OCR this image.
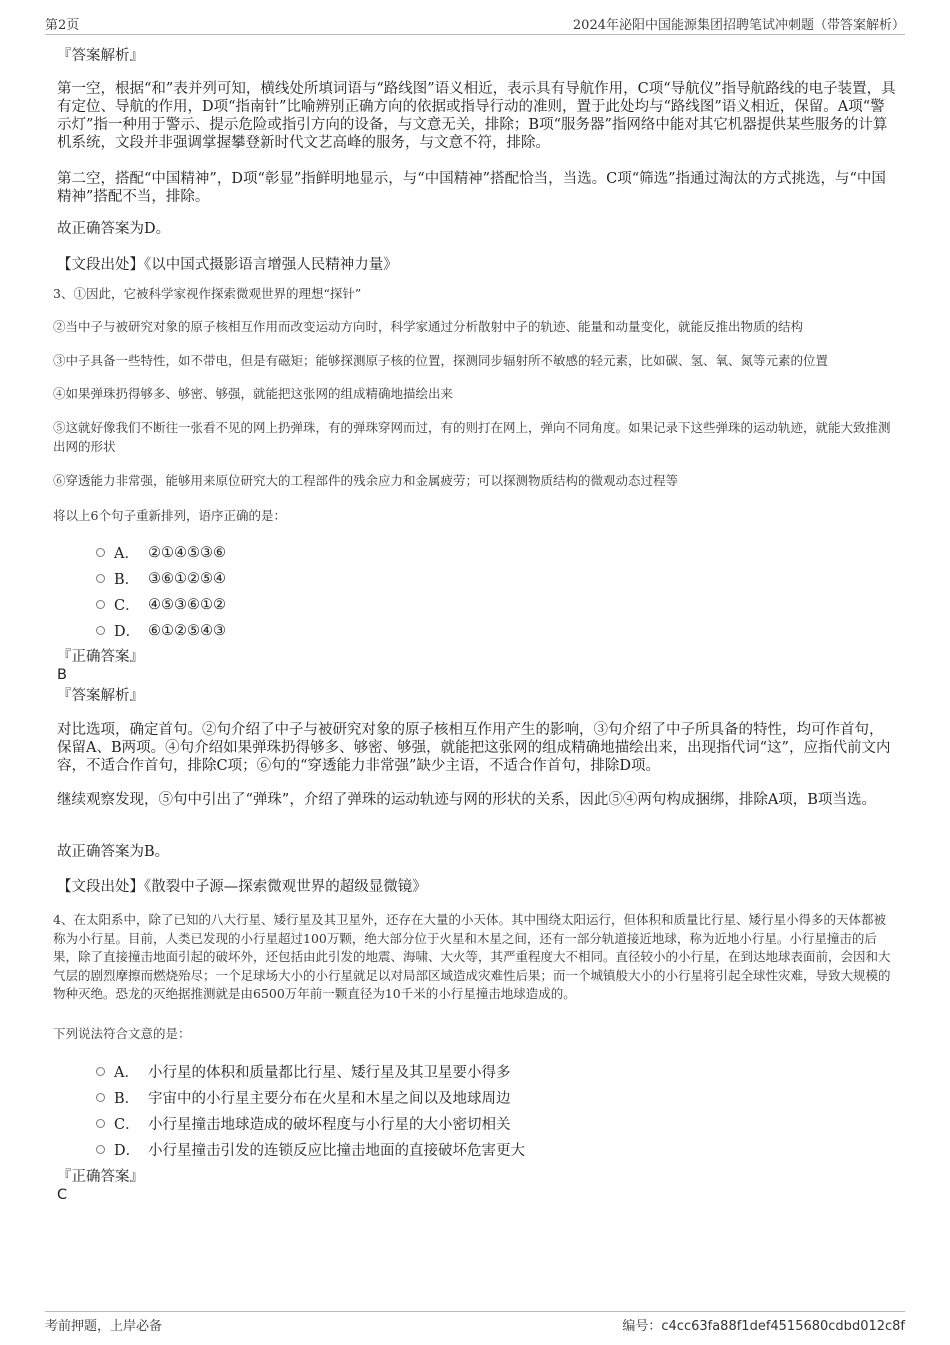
第2页	2024年泌阳中国能源集团招聘笔试冲刺题（带答案解析）
『答案解析』
第一空，根据“和”表并列可知，横线处所填词语与“路线图”语义相近，表示具有导航作用，C项“导航仪”指导航路线的电子装置，具有定位、导航的作用，D项“指南针”比喻辨别正确方向的依据或指导行动的准则，置于此处均与“路线图”语义相近，保留。A项“警示灯”指一种用于警示、提示危险或指引方向的设备，与文意无关，排除；B项“服务器”指网络中能对其它机器提供某些服务的计算机系统，文段并非强调掌握攀登新时代文艺高峰的服务，与文意不符，排除。
第二空，搭配“中国精神”，D项“彰显”指鲜明地显示，与“中国精神”搭配恰当，当选。C项“筛选”指通过淘汰的方式挑选，与“中国精神”搭配不当，排除。
故正确答案为D。
【文段出处】《以中国式摄影语言增强人民精神力量》
3、①因此，它被科学家视作探索微观世界的理想“探针”
②当中子与被研究对象的原子核相互作用而改变运动方向时，科学家通过分析散射中子的轨迹、能量和动量变化，就能反推出物质的结构
③中子具备一些特性，如不带电，但是有磁矩；能够探测原子核的位置，探测同步辐射所不敏感的轻元素，比如碳、氢、氧、氮等元素的位置
④如果弹珠扔得够多、够密、够强，就能把这张网的组成精确地描绘出来
⑤这就好像我们不断往一张看不见的网上扔弹珠，有的弹珠穿网而过，有的则打在网上，弹向不同角度。如果记录下这些弹珠的运动轨迹，就能大致推测出网的形状
⑥穿透能力非常强，能够用来原位研究大的工程部件的残余应力和金属疲劳；可以探测物质结构的微观动态过程等
将以上6个句子重新排列，语序正确的是：
A． ②①④⑤③⑥
B． ③⑥①②⑤④
C． ④⑤③⑥①②
D． ⑥①②⑤④③
『正确答案』
B
『答案解析』
对比选项，确定首句。②句介绍了中子与被研究对象的原子核相互作用产生的影响，③句介绍了中子所具备的特性，均可作首句，保留A、B两项。④句介绍如果弹珠扔得够多、够密、够强，就能把这张网的组成精确地描绘出来，出现指代词“这”，应指代前文内容，不适合作首句，排除C项；⑥句的“穿透能力非常强”缺少主语，不适合作首句，排除D项。
继续观察发现，⑤句中引出了“弹珠”，介绍了弹珠的运动轨迹与网的形状的关系，因此⑤④两句构成捆绑，排除A项，B项当选。
故正确答案为B。
【文段出处】《散裂中子源—探索微观世界的超级显微镜》
4、在太阳系中，除了已知的八大行星、矮行星及其卫星外，还存在大量的小天体。其中围绕太阳运行，但体积和质量比行星、矮行星小得多的天体都被称为小行星。目前，人类已发现的小行星超过100万颗，绝大部分位于火星和木星之间，还有一部分轨道接近地球，称为近地小行星。小行星撞击的后果，除了直接撞击地面引起的破坏外，还包括由此引发的地震、海啸、大火等，其严重程度大不相同。直径较小的小行星，在到达地球表面前，会因和大气层的剧烈摩擦而燃烧殆尽；一个足球场大小的小行星就足以对局部区域造成灾难性后果；而一个城镇般大小的小行星将引起全球性灾难，导致大规模的物种灭绝。恐龙的灭绝据推测就是由6500万年前一颗直径为10千米的小行星撞击地球造成的。
下列说法符合文意的是：
A． 小行星的体积和质量都比行星、矮行星及其卫星要小得多
B． 宇宙中的小行星主要分布在火星和木星之间以及地球周边
C． 小行星撞击地球造成的破坏程度与小行星的大小密切相关
D． 小行星撞击引发的连锁反应比撞击地面的直接破坏危害更大
『正确答案』
C
考前押题，上岸必备	编号：c4cc63fa88f1def4515680cdbd012c8f
